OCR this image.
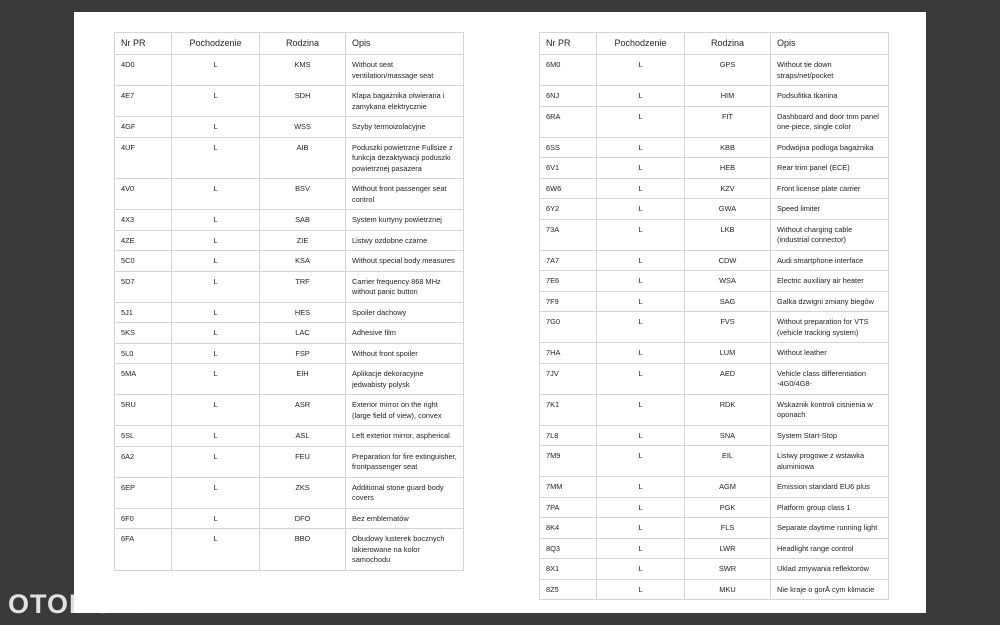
Nr PR	Pochodzenie	Rodzina	Opis
4D0	L	KMS	Without seat ventilation/massage seat
4E7	L	SDH	Klapa bagażnika otwierana i zamykana elektrycznie
4GF	L	WSS	Szyby termoizolacyjne
4UF	L	AIB	Poduszki powietrzne Fullsize z funkcja dezaktywacji poduszki powietrznej pasazera
4V0	L	BSV	Without front passenger seat control
4X3	L	SAB	System kurtyny powietrznej
4ZE	L	ZIE	Listwy ozdobne czarne
5C0	L	KSA	Without special body measures
5D7	L	TRF	Carrier frequency 868 MHz without panic button
5J1	L	HES	Spoiler dachowy
5KS	L	LAC	Adhesive film
5L0	L	FSP	Without front spoiler
5MA	L	EIH	Aplikacje dekoracyjne jedwabisty polysk
5RU	L	ASR	Exterior mirror on the right (large field of view), convex
5SL	L	ASL	Left exterior mirror, aspherical
6A2	L	FEU	Preparation for fire extinguisher, frontpassenger seat
6EP	L	ZKS	Additional stone guard body covers
6F0	L	DFO	Bez emblematów
6FA	L	BBO	Obudowy lusterek bocznych lakierowane na kolor samochodu
Nr PR	Pochodzenie	Rodzina	Opis
6M0	L	GPS	Without tie down straps/net/pocket
6NJ	L	HIM	Podsufitka tkanina
6RA	L	FIT	Dashboard and door trim panel one-piece, single color
6SS	L	KBB	Podwójna podloga bagażnika
6V1	L	HEB	Rear trim panel (ECE)
6W6	L	KZV	Front license plate carrier
6Y2	L	GWA	Speed limiter
73A	L	LKB	Without charging cable (industrial connector)
7A7	L	CDW	Audi smartphone interface
7E6	L	WSA	Electric auxiliary air heater
7F9	L	SAG	Galka dzwigni zmiany biegów
7G0	L	FVS	Without preparation for VTS (vehicle tracking system)
7HA	L	LUM	Without leather
7JV	L	AED	Vehicle class differentiation -4G0/4G8-
7K1	L	RDK	Wskaznik kontroli cisnienia w oponach
7L8	L	SNA	System Start-Stop
7M9	L	EIL	Listwy progowe z wstawka aluminiowa
7MM	L	AGM	Emission standard EU6 plus
7PA	L	PGK	Platform group class 1
8K4	L	FLS	Separate daytime running light
8Q3	L	LWR	Headlight range control
8X1	L	SWR	Uklad zmywania reflektorów
8Z5	L	MKU	Nie kraje o gorĂ cym klimacie
OTOMOTO
